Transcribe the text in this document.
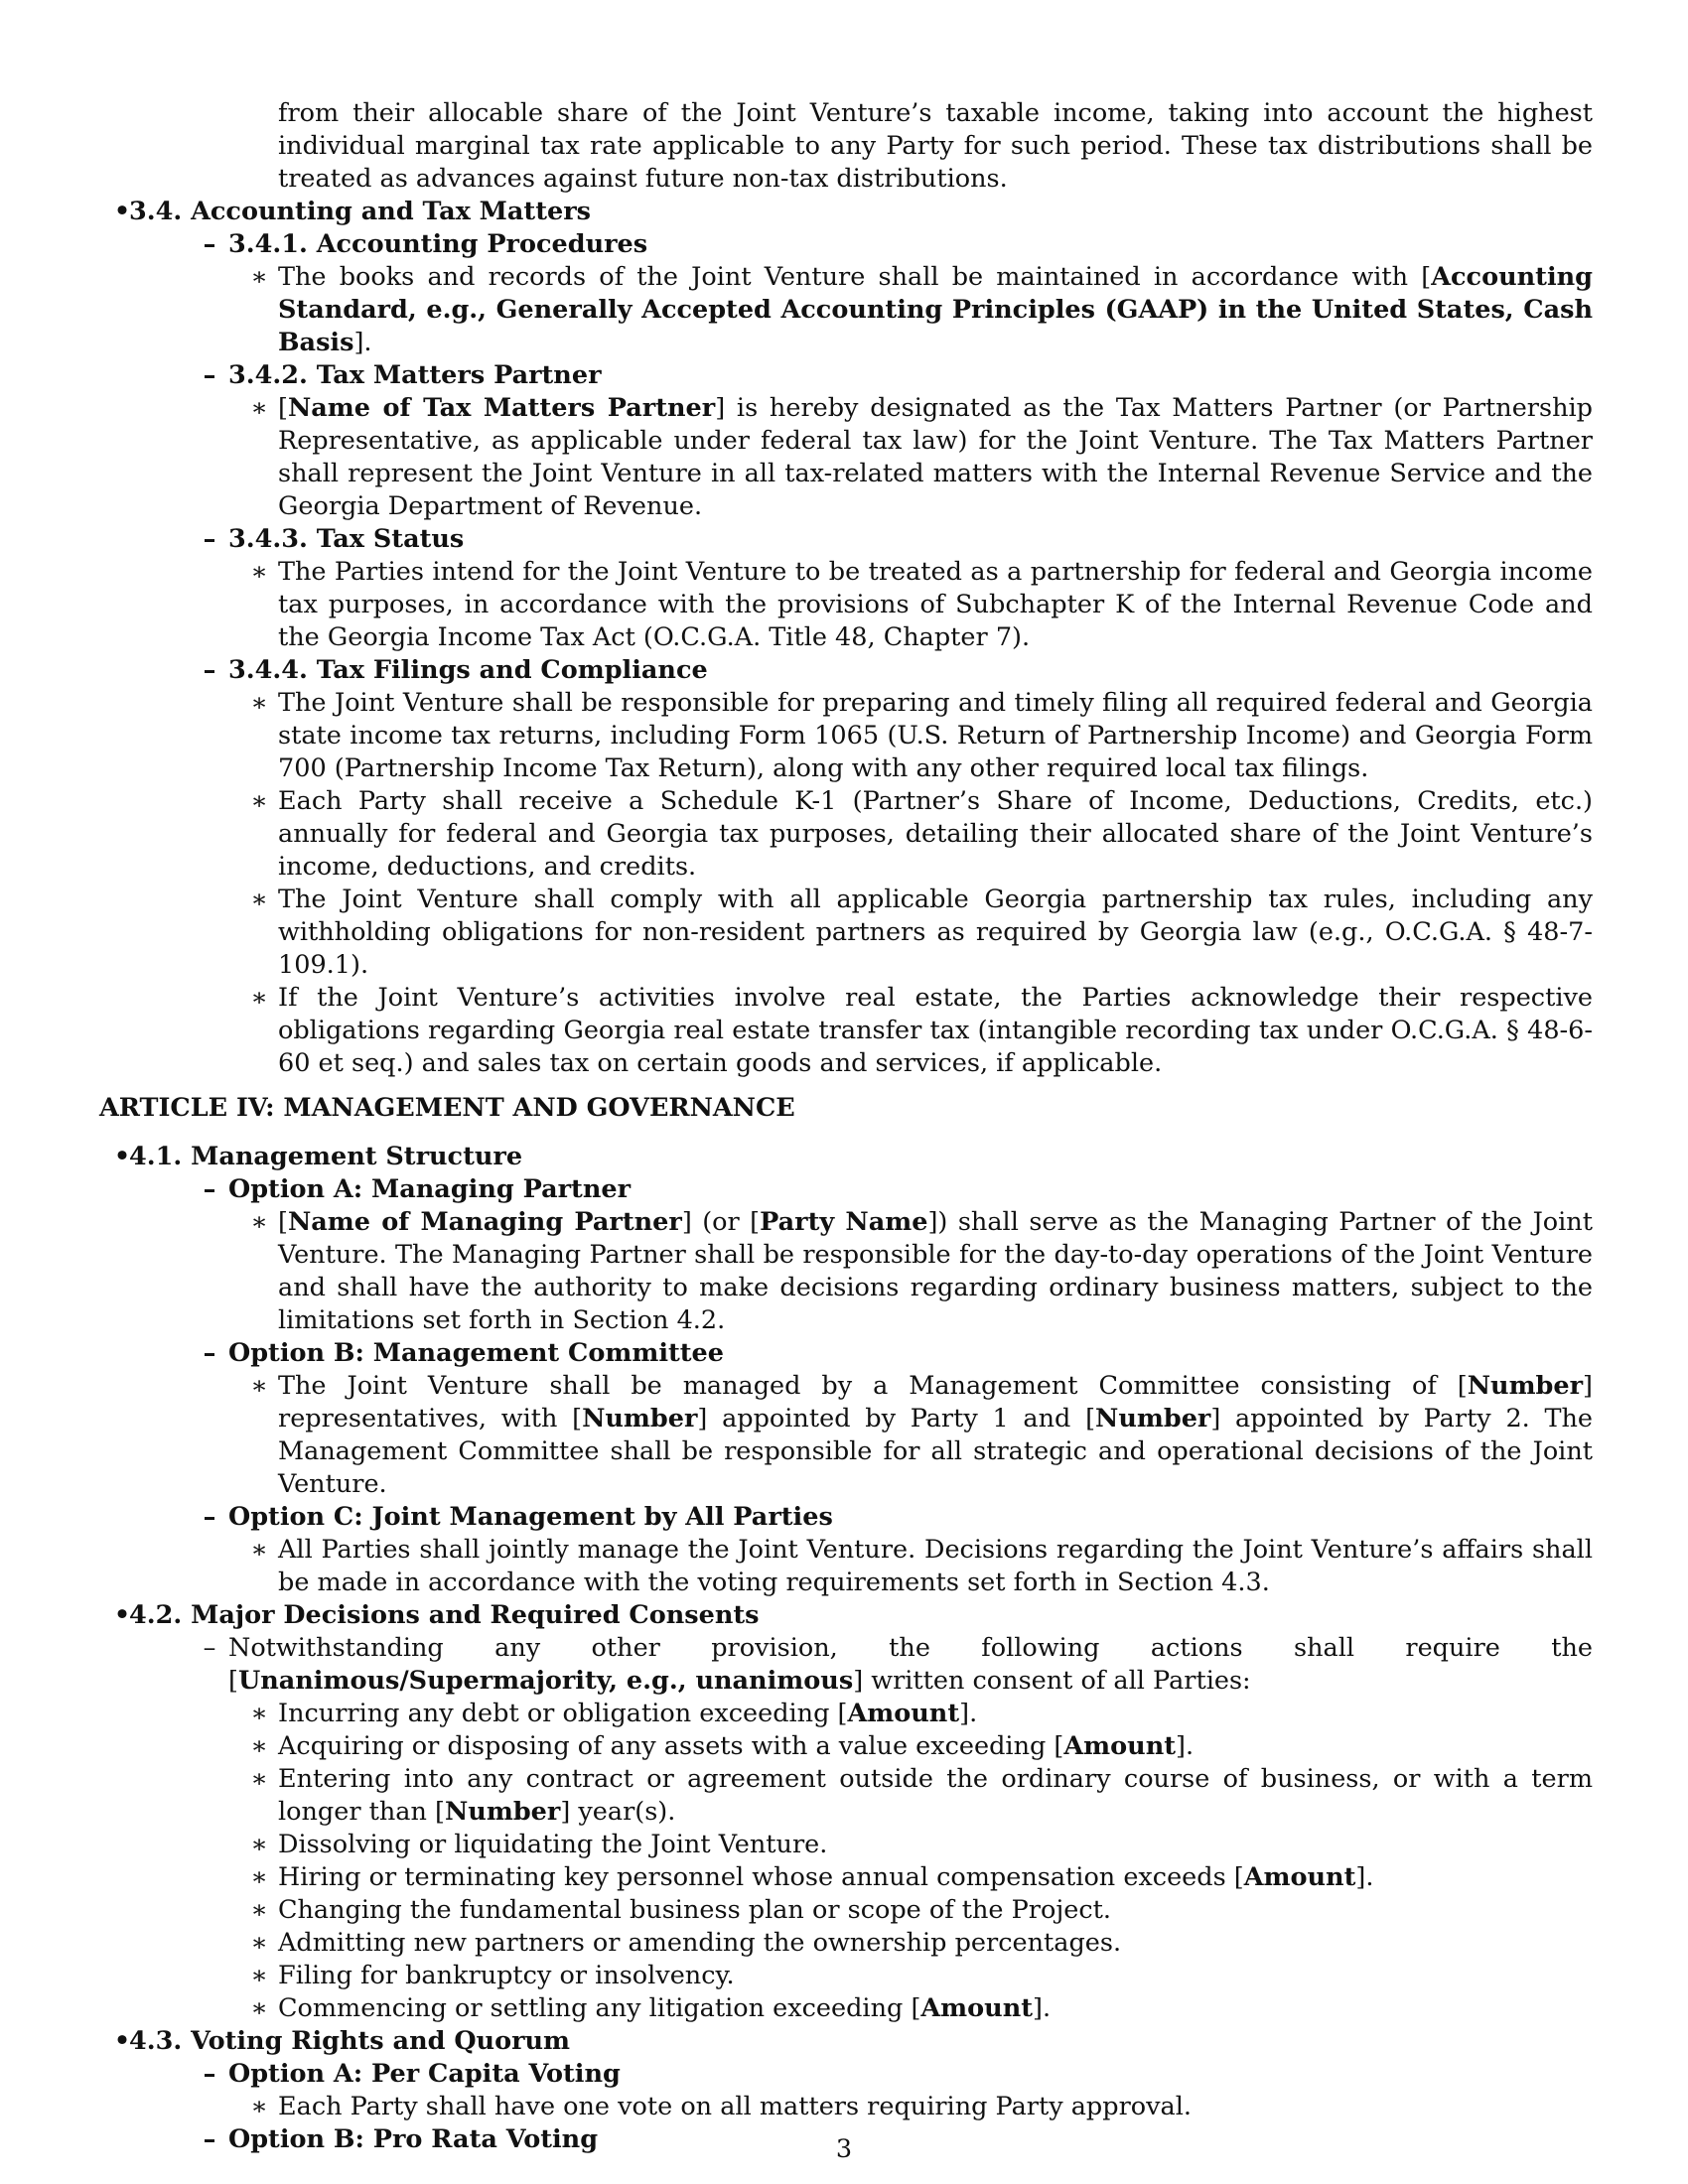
from their allocable share of the Joint Venture’s taxable income, taking into account the highest individual marginal tax rate applicable to any Party for such period. These tax distributions shall be treated as advances against future non-tax distributions.
•
3.4. Accounting and Tax Matters
– 3.4.1. Accounting Procedures
∗ The books and records of the Joint Venture shall be maintained in accordance with [Accounting Standard, e.g., Generally Accepted Accounting Principles (GAAP) in the United States, Cash Basis].
– 3.4.2. Tax Matters Partner
∗ [Name of Tax Matters Partner] is hereby designated as the Tax Matters Partner (or Partnership Representative, as applicable under federal tax law) for the Joint Venture. The Tax Matters Partner shall represent the Joint Venture in all tax-related matters with the Internal Revenue Service and the Georgia Department of Revenue.
– 3.4.3. Tax Status
∗ The Parties intend for the Joint Venture to be treated as a partnership for federal and Georgia income tax purposes, in accordance with the provisions of Subchapter K of the Internal Revenue Code and the Georgia Income Tax Act (O.C.G.A. Title 48, Chapter 7).
– 3.4.4. Tax Filings and Compliance
∗ The Joint Venture shall be responsible for preparing and timely filing all required federal and Georgia state income tax returns, including Form 1065 (U.S. Return of Partnership Income) and Georgia Form 700 (Partnership Income Tax Return), along with any other required local tax filings.
∗ Each Party shall receive a Schedule K-1 (Partner’s Share of Income, Deductions, Credits, etc.) annually for federal and Georgia tax purposes, detailing their allocated share of the Joint Venture’s income, deductions, and credits.
∗ The Joint Venture shall comply with all applicable Georgia partnership tax rules, including any withholding obligations for non-resident partners as required by Georgia law (e.g., O.C.G.A. § 48-7-109.1).
∗ If the Joint Venture’s activities involve real estate, the Parties acknowledge their respective obligations regarding Georgia real estate transfer tax (intangible recording tax under O.C.G.A. § 48-6-60 et seq.) and sales tax on certain goods and services, if applicable.
ARTICLE IV: MANAGEMENT AND GOVERNANCE
•
4.1. Management Structure
– Option A: Managing Partner
∗ [Name of Managing Partner] (or [Party Name]) shall serve as the Managing Partner of the Joint Venture. The Managing Partner shall be responsible for the day-to-day operations of the Joint Venture and shall have the authority to make decisions regarding ordinary business matters, subject to the limitations set forth in Section 4.2.
– Option B: Management Committee
∗ The Joint Venture shall be managed by a Management Committee consisting of [Number] representatives, with [Number] appointed by Party 1 and [Number] appointed by Party 2. The Management Committee shall be responsible for all strategic and operational decisions of the Joint Venture.
– Option C: Joint Management by All Parties
∗ All Parties shall jointly manage the Joint Venture. Decisions regarding the Joint Venture’s affairs shall be made in accordance with the voting requirements set forth in Section 4.3.
•
4.2. Major Decisions and Required Consents
– Notwithstanding any other provision, the following actions shall require the [Unanimous/Supermajority, e.g., unanimous] written consent of all Parties:
∗ Incurring any debt or obligation exceeding [Amount].
∗ Acquiring or disposing of any assets with a value exceeding [Amount].
∗ Entering into any contract or agreement outside the ordinary course of business, or with a term longer than [Number] year(s).
∗ Dissolving or liquidating the Joint Venture.
∗ Hiring or terminating key personnel whose annual compensation exceeds [Amount].
∗ Changing the fundamental business plan or scope of the Project.
∗ Admitting new partners or amending the ownership percentages.
∗ Filing for bankruptcy or insolvency.
∗ Commencing or settling any litigation exceeding [Amount].
•
4.3. Voting Rights and Quorum
– Option A: Per Capita Voting
∗ Each Party shall have one vote on all matters requiring Party approval.
– Option B: Pro Rata Voting	3
